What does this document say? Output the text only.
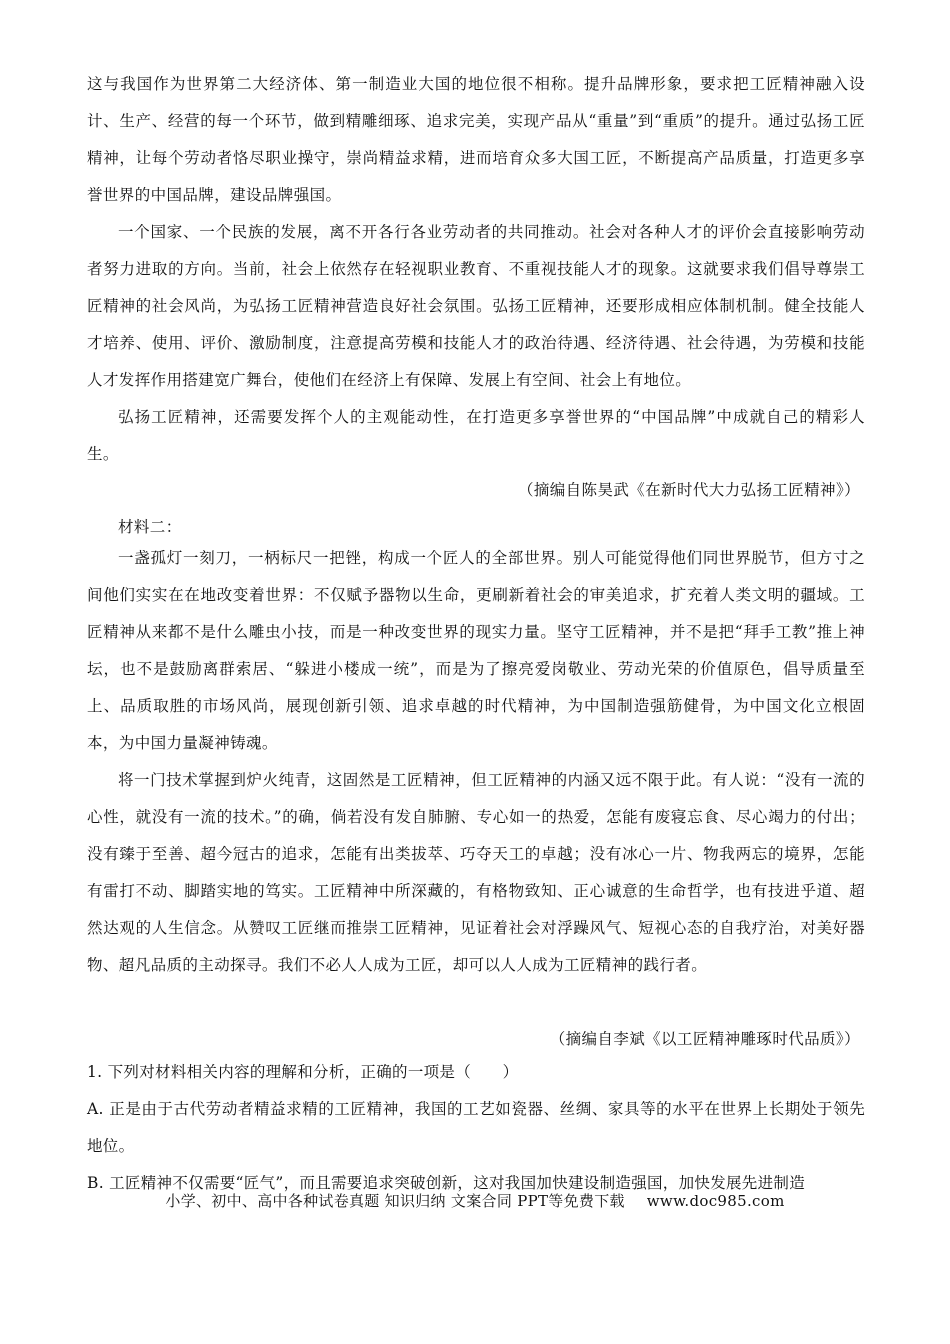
这与我国作为世界第二大经济体、第一制造业大国的地位很不相称。提升品牌形象，要求把工匠精神融入设计、生产、经营的每一个环节，做到精雕细琢、追求完美，实现产品从“重量”到“重质”的提升。通过弘扬工匠精神，让每个劳动者恪尽职业操守，崇尚精益求精，进而培育众多大国工匠，不断提高产品质量，打造更多享誉世界的中国品牌，建设品牌强国。

一个国家、一个民族的发展，离不开各行各业劳动者的共同推动。社会对各种人才的评价会直接影响劳动者努力进取的方向。当前，社会上依然存在轻视职业教育、不重视技能人才的现象。这就要求我们倡导尊崇工匠精神的社会风尚，为弘扬工匠精神营造良好社会氛围。弘扬工匠精神，还要形成相应体制机制。健全技能人才培养、使用、评价、激励制度，注意提高劳模和技能人才的政治待遇、经济待遇、社会待遇，为劳模和技能人才发挥作用搭建宽广舞台，使他们在经济上有保障、发展上有空间、社会上有地位。

弘扬工匠精神，还需要发挥个人的主观能动性，在打造更多享誉世界的“中国品牌”中成就自己的精彩人生。

（摘编自陈昊武《在新时代大力弘扬工匠精神》）
材料二：

一盏孤灯一刻刀，一柄标尺一把锉，构成一个匠人的全部世界。别人可能觉得他们同世界脱节，但方寸之间他们实实在在地改变着世界：不仅赋予器物以生命，更刷新着社会的审美追求，扩充着人类文明的疆域。工匠精神从来都不是什么雕虫小技，而是一种改变世界的现实力量。坚守工匠精神，并不是把“拜手工教”推上神坛，也不是鼓励离群索居、“躲进小楼成一统”，而是为了擦亮爱岗敬业、劳动光荣的价值原色，倡导质量至上、品质取胜的市场风尚，展现创新引领、追求卓越的时代精神，为中国制造强筋健骨，为中国文化立根固本，为中国力量凝神铸魂。

将一门技术掌握到炉火纯青，这固然是工匠精神，但工匠精神的内涵又远不限于此。有人说：“没有一流的心性，就没有一流的技术。”的确，倘若没有发自肺腑、专心如一的热爱，怎能有废寝忘食、尽心竭力的付出；没有臻于至善、超今冠古的追求，怎能有出类拔萃、巧夺天工的卓越；没有冰心一片、物我两忘的境界，怎能有雷打不动、脚踏实地的笃实。工匠精神中所深藏的，有格物致知、正心诚意的生命哲学，也有技进乎道、超然达观的人生信念。从赞叹工匠继而推崇工匠精神，见证着社会对浮躁风气、短视心态的自我疗治，对美好器物、超凡品质的主动探寻。我们不必人人成为工匠，却可以人人成为工匠精神的践行者。

（摘编自李斌《以工匠精神雕琢时代品质》）

1. 下列对材料相关内容的理解和分析，正确的一项是（　　）

A. 正是由于古代劳动者精益求精的工匠精神，我国的工艺如瓷器、丝绸、家具等的水平在世界上长期处于领先地位。

B. 工匠精神不仅需要“匠气”，而且需要追求突破创新，这对我国加快建设制造强国，加快发展先进制造

小学、初中、高中各种试卷真题 知识归纳 文案合同 PPT等免费下载 www.doc985.com
